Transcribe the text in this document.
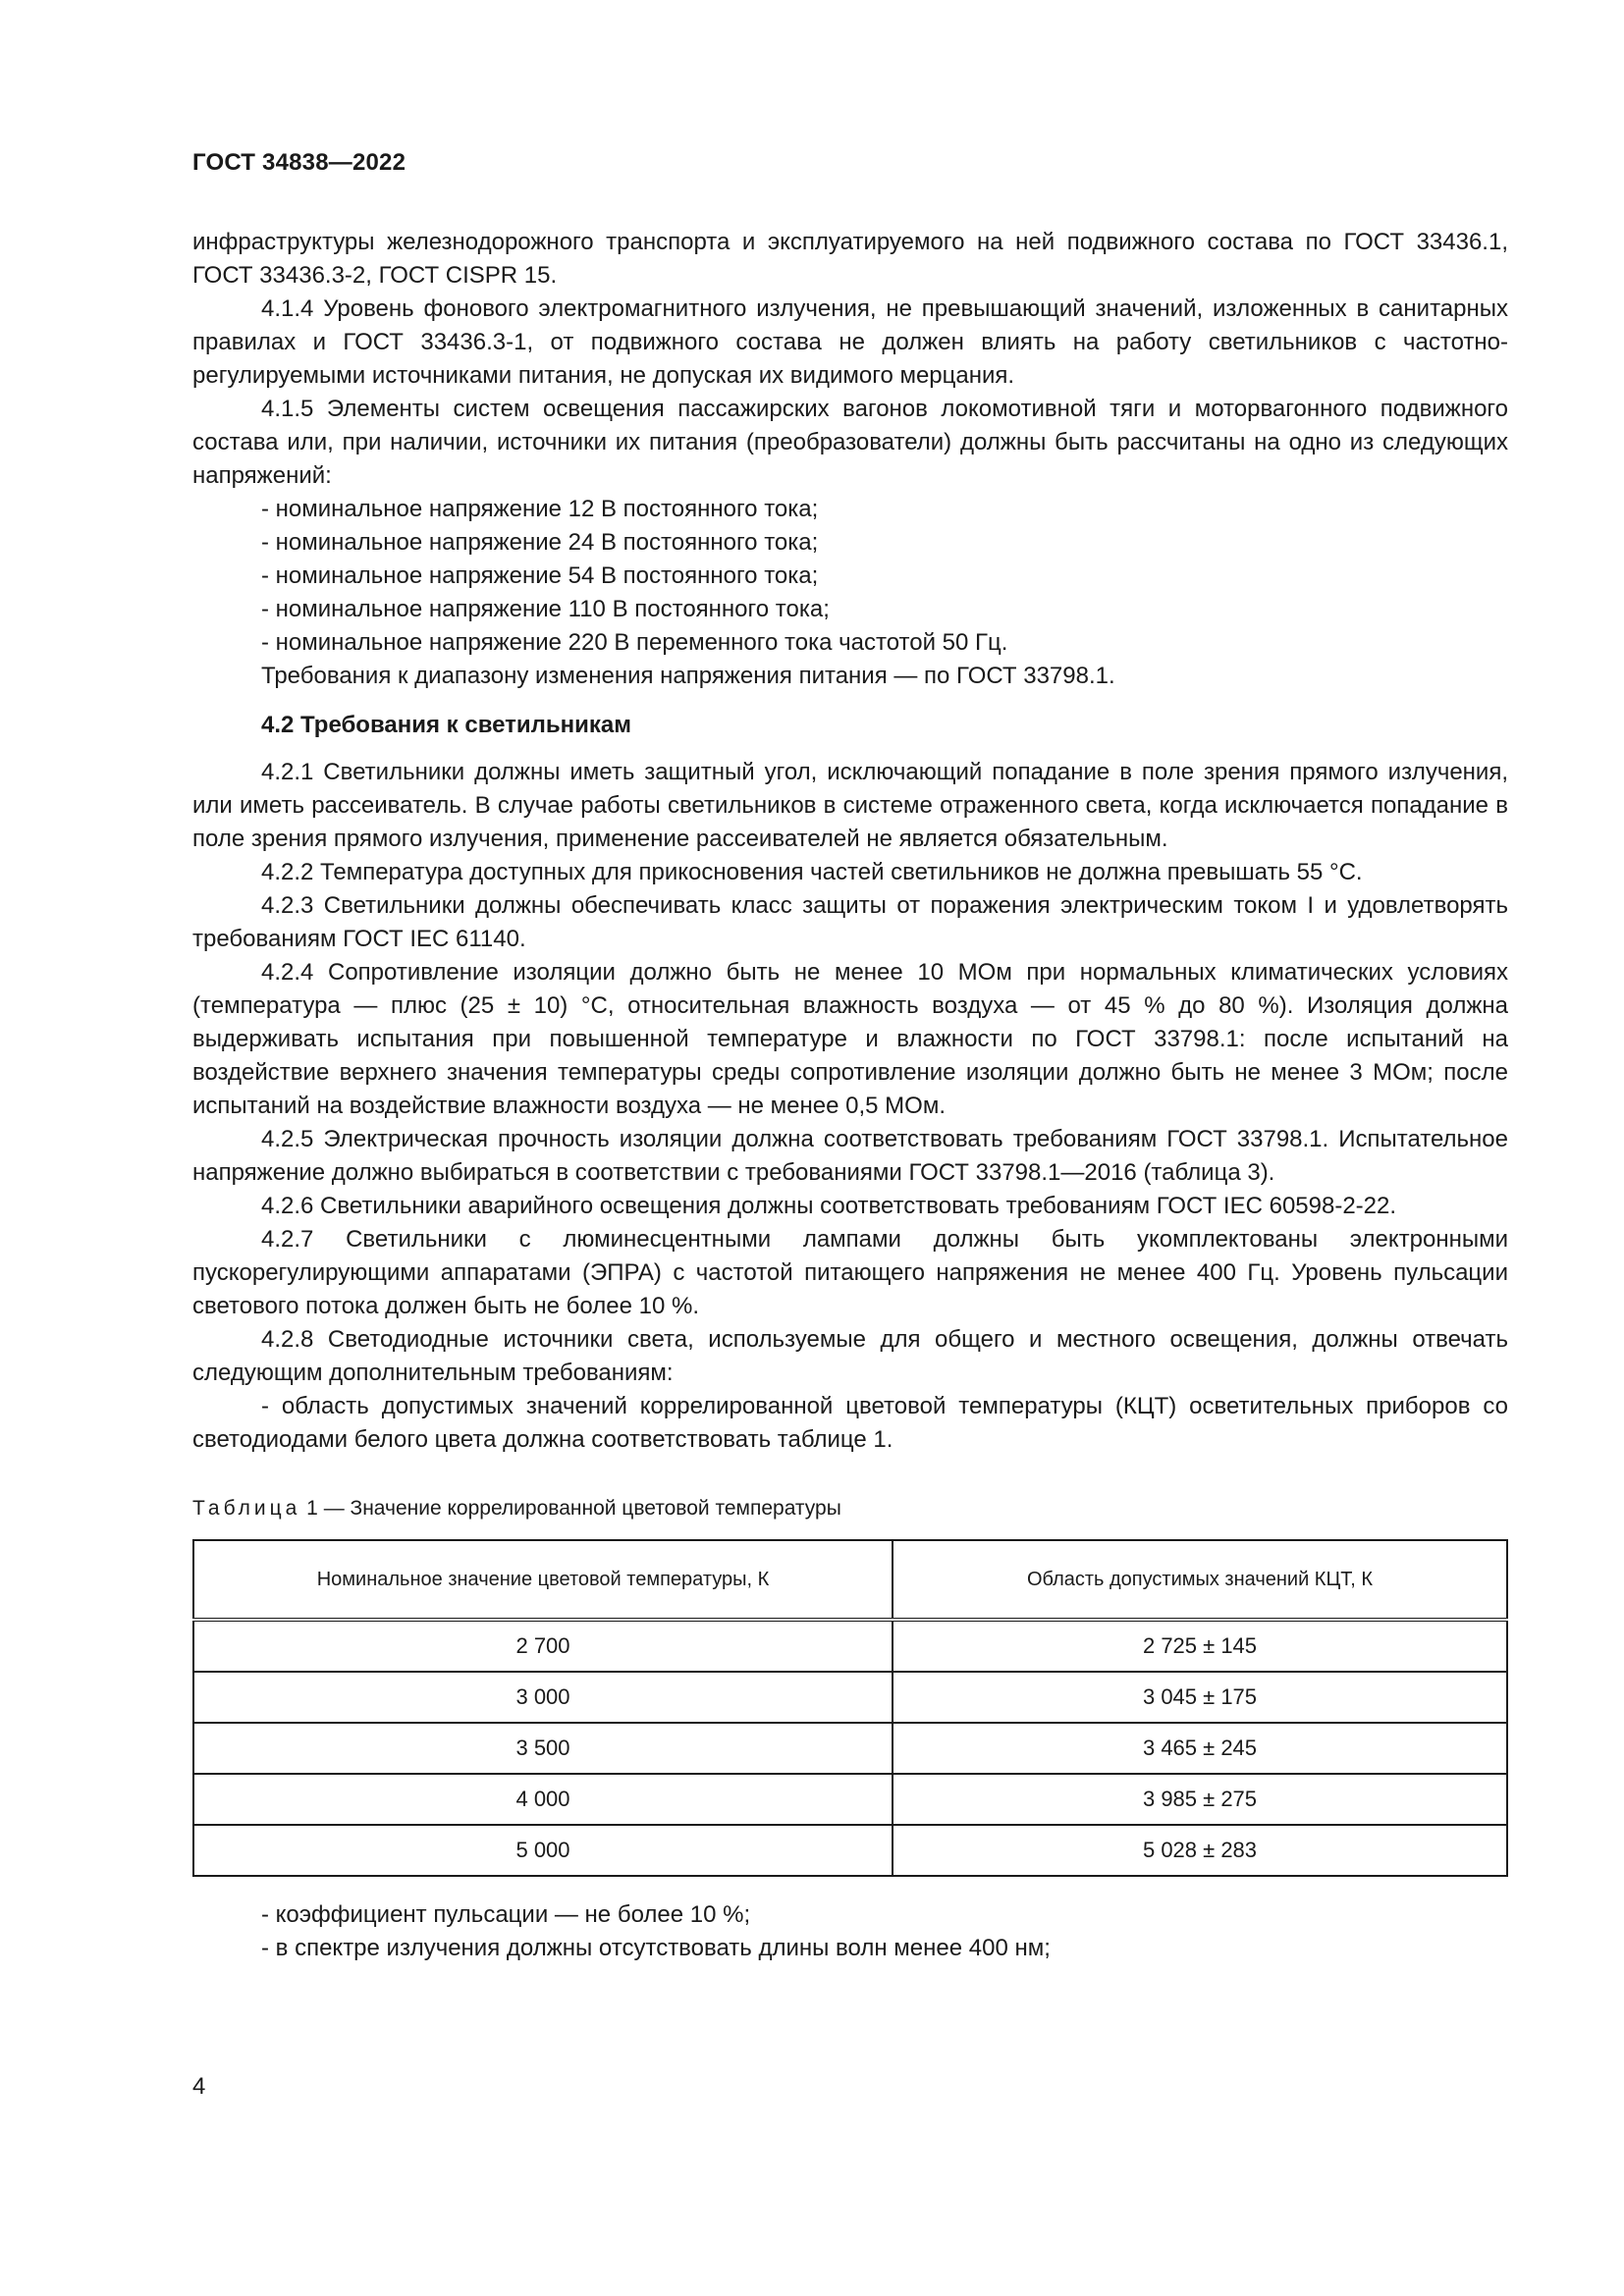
ГОСТ 34838—2022

инфраструктуры железнодорожного транспорта и эксплуатируемого на ней подвижного состава по ГОСТ 33436.1, ГОСТ 33436.3-2, ГОСТ CISPR 15.

4.1.4 Уровень фонового электромагнитного излучения, не превышающий значений, изложенных в санитарных правилах и ГОСТ 33436.3-1, от подвижного состава не должен влиять на работу светильников с частотно-регулируемыми источниками питания, не допуская их видимого мерцания.

4.1.5 Элементы систем освещения пассажирских вагонов локомотивной тяги и моторвагонного подвижного состава или, при наличии, источники их питания (преобразователи) должны быть рассчитаны на одно из следующих напряжений:

- номинальное напряжение 12 В постоянного тока;

- номинальное напряжение 24 В постоянного тока;

- номинальное напряжение 54 В постоянного тока;

- номинальное напряжение 110 В постоянного тока;

- номинальное напряжение 220 В переменного тока частотой 50 Гц.

Требования к диапазону изменения напряжения питания — по ГОСТ 33798.1.

4.2 Требования к светильникам

4.2.1 Светильники должны иметь защитный угол, исключающий попадание в поле зрения прямого излучения, или иметь рассеиватель. В случае работы светильников в системе отраженного света, когда исключается попадание в поле зрения прямого излучения, применение рассеивателей не является обязательным.

4.2.2 Температура доступных для прикосновения частей светильников не должна превышать 55 °С.

4.2.3 Светильники должны обеспечивать класс защиты от поражения электрическим током I и удовлетворять требованиям ГОСТ IEC 61140.

4.2.4 Сопротивление изоляции должно быть не менее 10 МОм при нормальных климатических условиях (температура — плюс (25 ± 10) °С, относительная влажность воздуха — от 45 % до 80 %). Изоляция должна выдерживать испытания при повышенной температуре и влажности по ГОСТ 33798.1: после испытаний на воздействие верхнего значения температуры среды сопротивление изоляции должно быть не менее 3 МОм; после испытаний на воздействие влажности воздуха — не менее 0,5 МОм.

4.2.5 Электрическая прочность изоляции должна соответствовать требованиям ГОСТ 33798.1. Испытательное напряжение должно выбираться в соответствии с требованиями ГОСТ 33798.1—2016 (таблица 3).

4.2.6 Светильники аварийного освещения должны соответствовать требованиям ГОСТ IEC 60598-2-22.

4.2.7 Светильники с люминесцентными лампами должны быть укомплектованы электронными пускорегулирующими аппаратами (ЭПРА) с частотой питающего напряжения не менее 400 Гц. Уровень пульсации светового потока должен быть не более 10 %.

4.2.8 Светодиодные источники света, используемые для общего и местного освещения, должны отвечать следующим дополнительным требованиям:

- область допустимых значений коррелированной цветовой температуры (КЦТ) осветительных приборов со светодиодами белого цвета должна соответствовать таблице 1.

Таблица 1 — Значение коррелированной цветовой температуры

Номинальное значение цветовой температуры, К	Область допустимых значений КЦТ, К
2 700	2 725 ± 145
3 000	3 045 ± 175
3 500	3 465 ± 245
4 000	3 985 ± 275
5 000	5 028 ± 283

- коэффициент пульсации — не более 10 %;

- в спектре излучения должны отсутствовать длины волн менее 400 нм;

4
